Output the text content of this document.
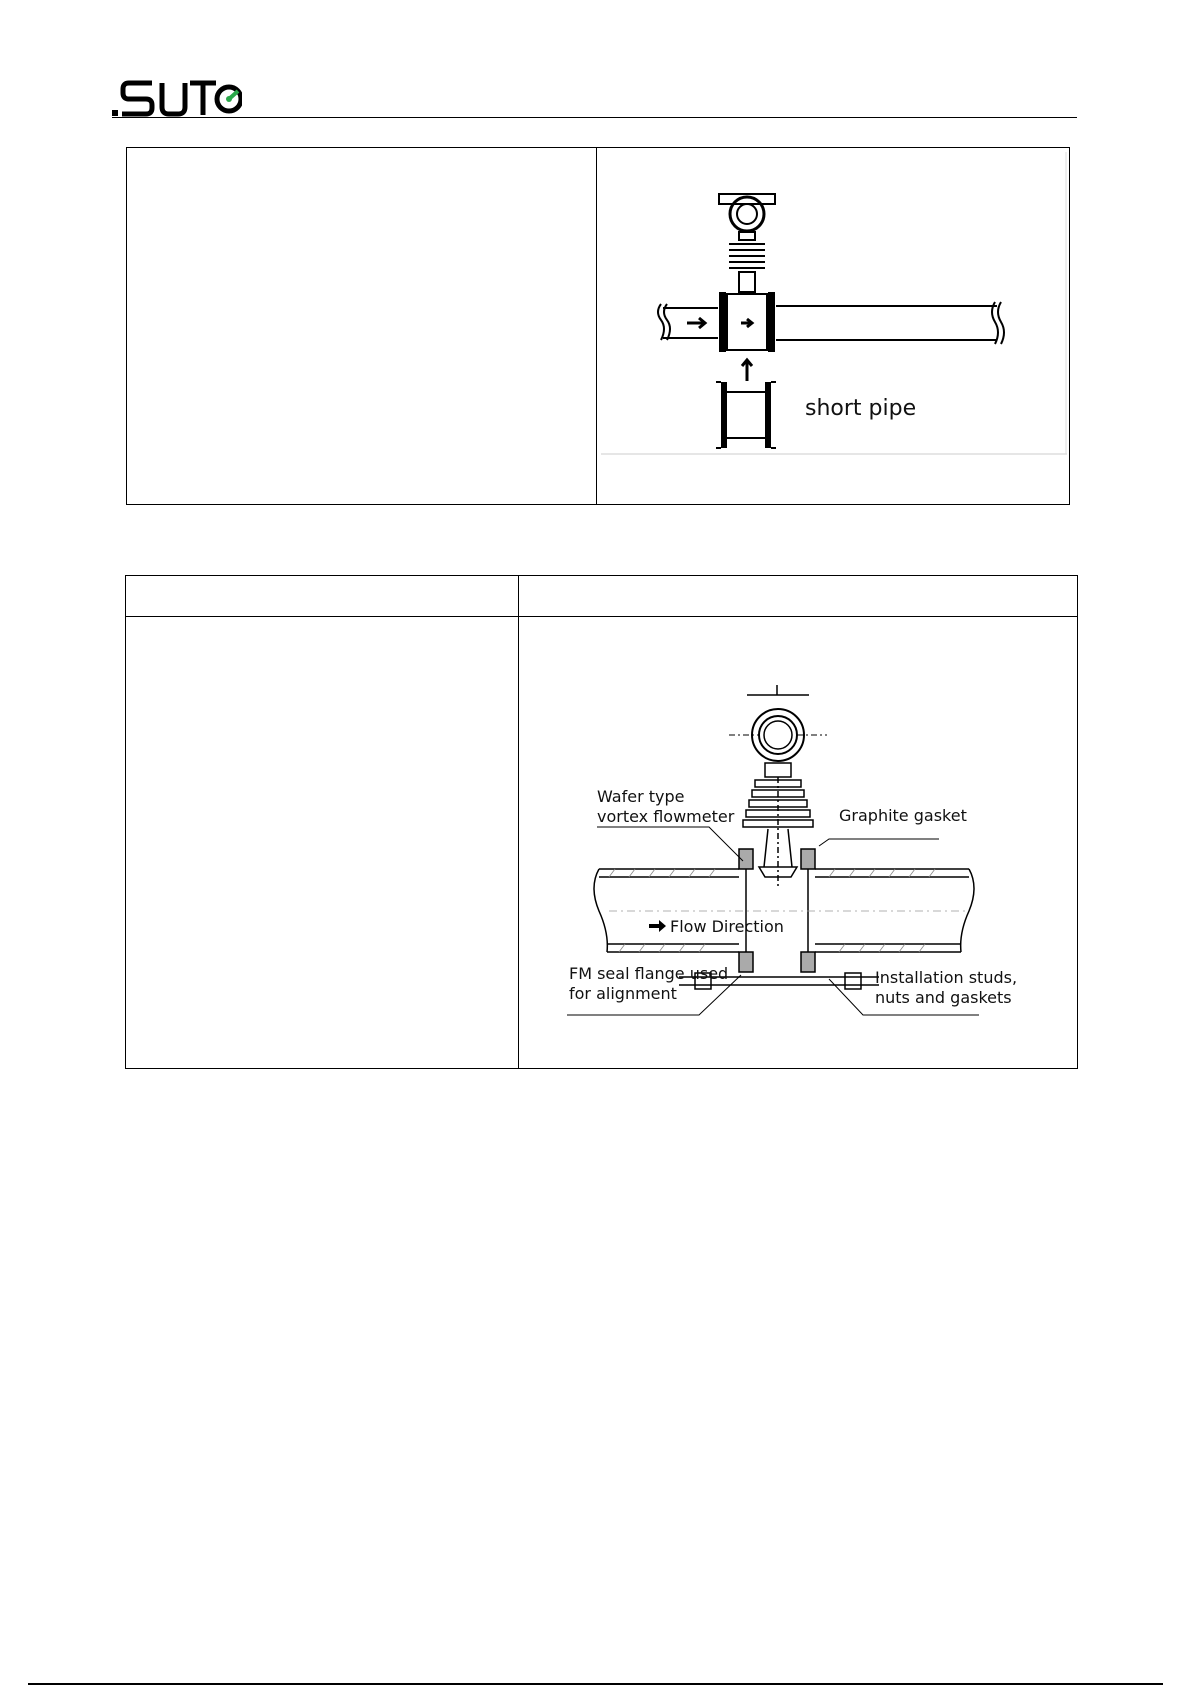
short pipe
Flow Direction
Wafer type
vortex flowmeter	Graphite gasket
FM seal flange used
for alignment
Installation studs,
nuts and gaskets
